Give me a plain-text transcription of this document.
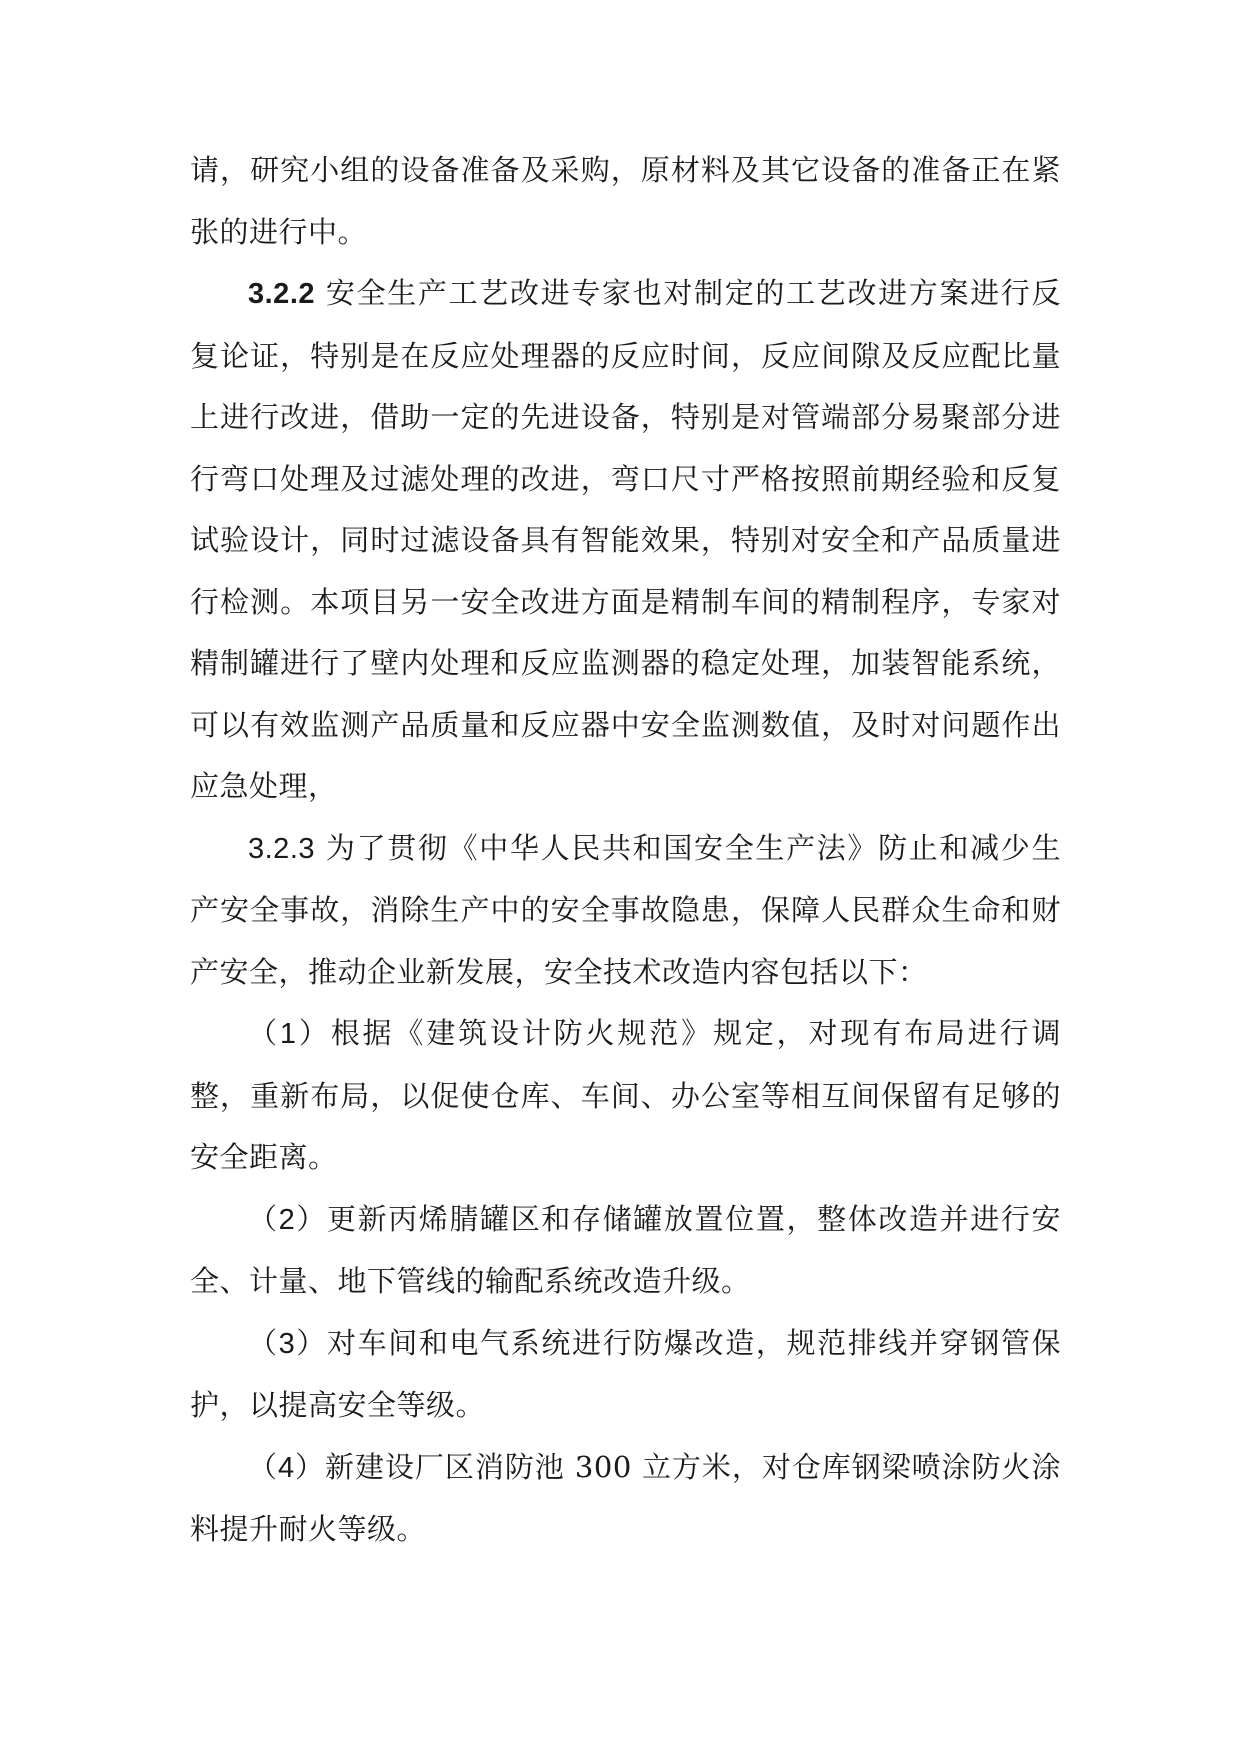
请，研究小组的设备准备及采购，原材料及其它设备的准备正在紧张的进行中。

3.2.2 安全生产工艺改进专家也对制定的工艺改进方案进行反复论证，特别是在反应处理器的反应时间，反应间隙及反应配比量上进行改进，借助一定的先进设备，特别是对管端部分易聚部分进行弯口处理及过滤处理的改进，弯口尺寸严格按照前期经验和反复试验设计，同时过滤设备具有智能效果，特别对安全和产品质量进行检测。本项目另一安全改进方面是精制车间的精制程序，专家对精制罐进行了壁内处理和反应监测器的稳定处理，加装智能系统，可以有效监测产品质量和反应器中安全监测数值，及时对问题作出应急处理，

3.2.3 为了贯彻《中华人民共和国安全生产法》防止和减少生产安全事故，消除生产中的安全事故隐患，保障人民群众生命和财产安全，推动企业新发展，安全技术改造内容包括以下：

（1）根据《建筑设计防火规范》规定，对现有布局进行调整，重新布局，以促使仓库、车间、办公室等相互间保留有足够的安全距离。

（2）更新丙烯腈罐区和存储罐放置位置，整体改造并进行安全、计量、地下管线的输配系统改造升级。

（3）对车间和电气系统进行防爆改造，规范排线并穿钢管保护，以提高安全等级。

（4）新建设厂区消防池 300 立方米，对仓库钢梁喷涂防火涂料提升耐火等级。
